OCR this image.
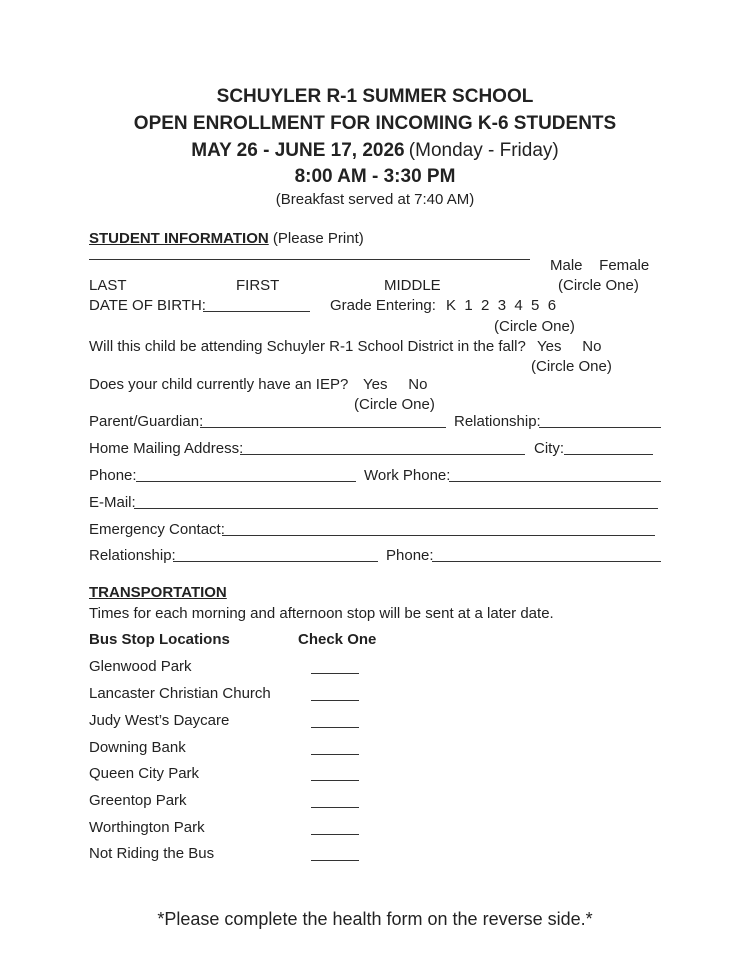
SCHUYLER R-1 SUMMER SCHOOL
OPEN ENROLLMENT FOR INCOMING K-6 STUDENTS
MAY 26 - JUNE 17, 2026 (Monday - Friday)
8:00 AM - 3:30 PM
(Breakfast served at 7:40 AM)
STUDENT INFORMATION (Please Print)
Male    Female
LAST	FIRST	MIDDLE	(Circle One)
DATE OF BIRTH:	Grade Entering: K  1  2  3  4  5  6
(Circle One)
Will this child be attending Schuyler R-1 School District in the fall? Yes     No
(Circle One)
Does your child currently have an IEP? Yes     No
(Circle One)
Parent/Guardian:	Relationship:
Home Mailing Address:	City:
Phone:	Work Phone:
E-Mail:
Emergency Contact:
Relationship:	Phone:
TRANSPORTATION
Times for each morning and afternoon stop will be sent at a later date.
Bus Stop Locations	Check One
Glenwood Park
Lancaster Christian Church
Judy West’s Daycare
Downing Bank
Queen City Park
Greentop Park
Worthington Park
Not Riding the Bus
*Please complete the health form on the reverse side.*
